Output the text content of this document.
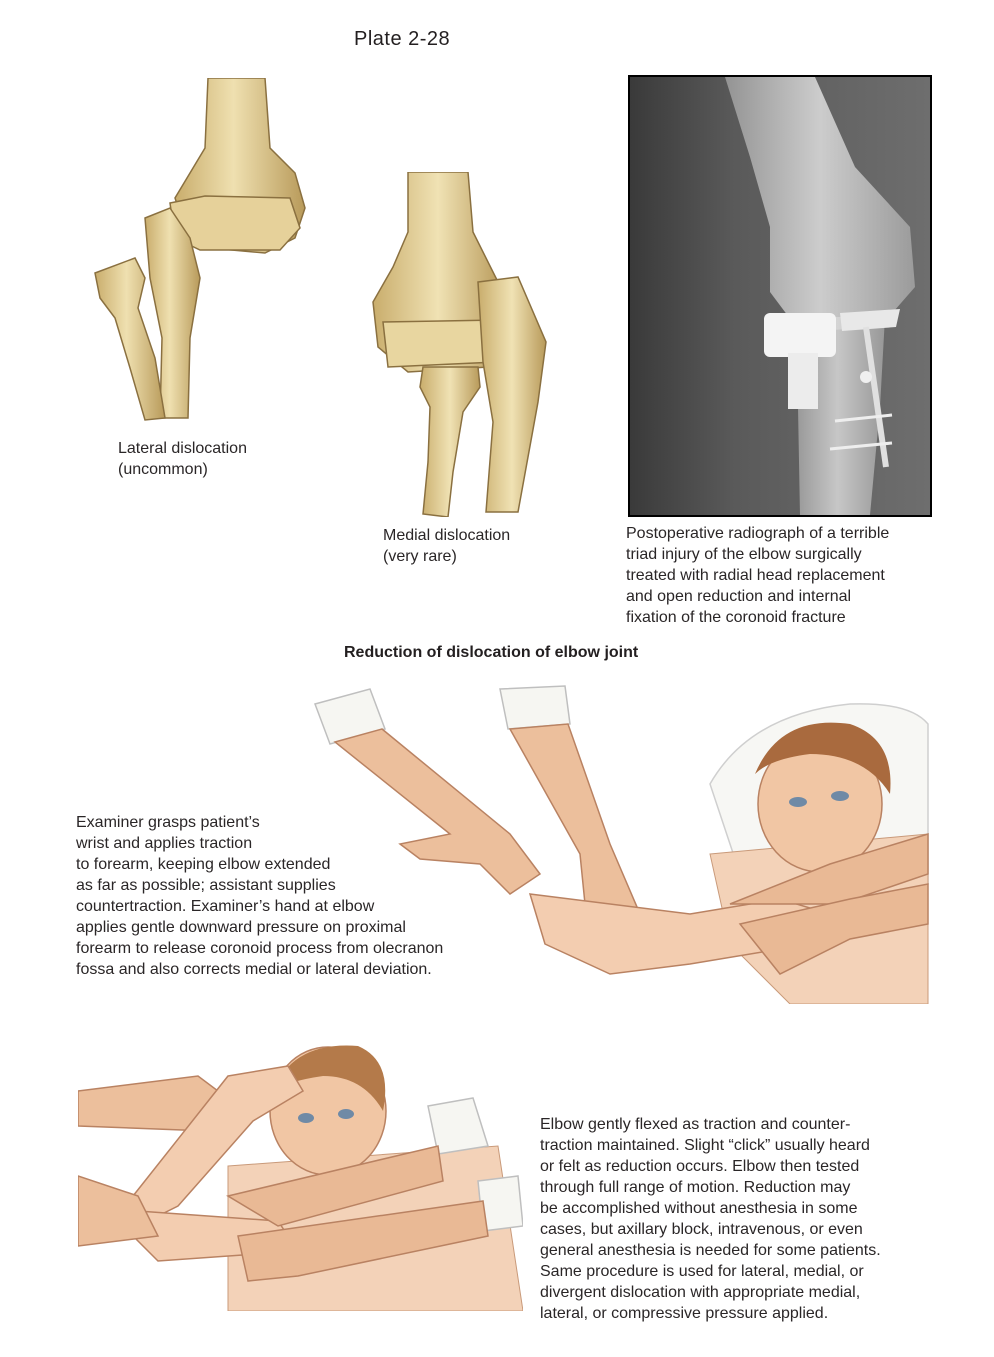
Plate 2-28
Lateral dislocation
(uncommon)
Medial dislocation
(very rare)
Postoperative radiograph of a terrible
triad injury of the elbow surgically
treated with radial head replacement
and open reduction and internal
fixation of the coronoid fracture
Reduction of dislocation of elbow joint
Examiner grasps patient’s
wrist and applies traction
to forearm, keeping elbow extended
as far as possible; assistant supplies
countertraction. Examiner’s hand at elbow
applies gentle downward pressure on proximal
forearm to release coronoid process from olecranon
fossa and also corrects medial or lateral deviation.
Elbow gently flexed as traction and counter-
traction maintained. Slight “click” usually heard
or felt as reduction occurs. Elbow then tested
through full range of motion. Reduction may
be accomplished without anesthesia in some
cases, but axillary block, intravenous, or even
general anesthesia is needed for some patients.
Same procedure is used for lateral, medial, or
divergent dislocation with appropriate medial,
lateral, or compressive pressure applied.
